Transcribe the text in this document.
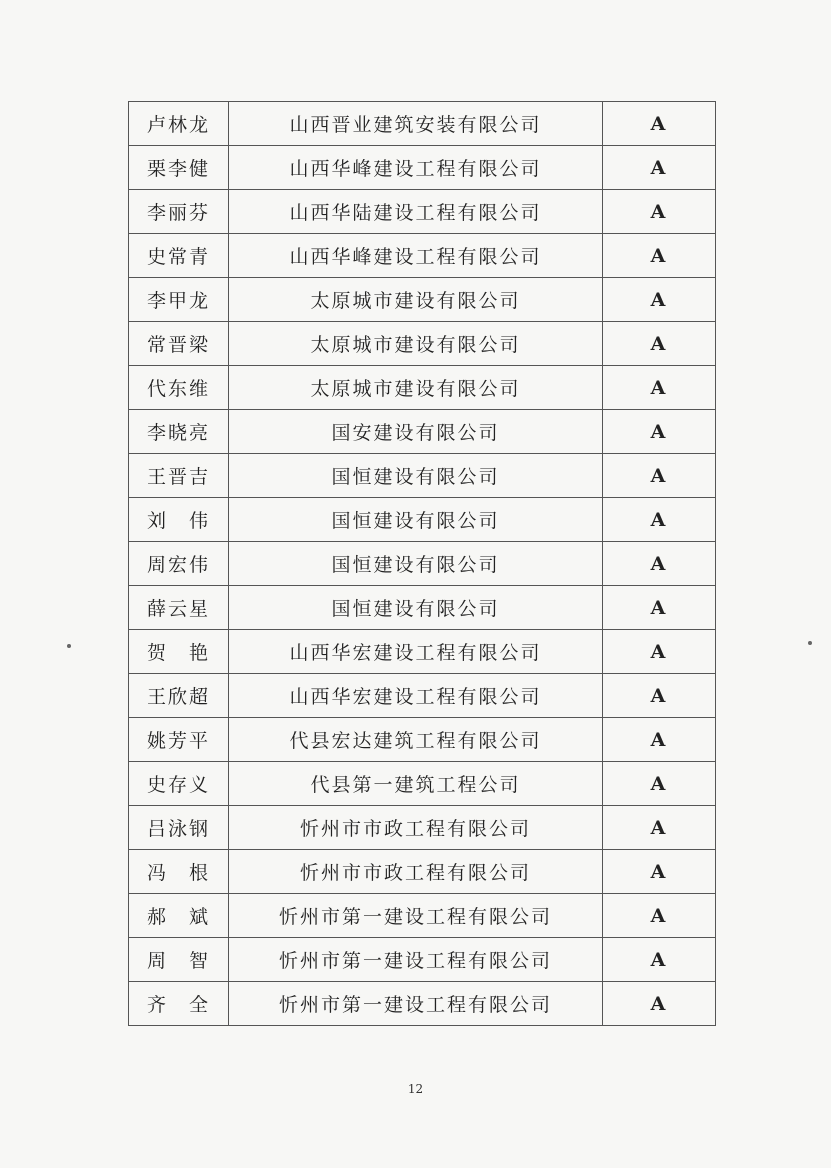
卢林龙	山西晋业建筑安装有限公司	A
栗李健	山西华峰建设工程有限公司	A
李丽芬	山西华陆建设工程有限公司	A
史常青	山西华峰建设工程有限公司	A
李甲龙	太原城市建设有限公司	A
常晋梁	太原城市建设有限公司	A
代东维	太原城市建设有限公司	A
李晓亮	国安建设有限公司	A
王晋吉	国恒建设有限公司	A
刘　伟	国恒建设有限公司	A
周宏伟	国恒建设有限公司	A
薛云星	国恒建设有限公司	A
贺　艳	山西华宏建设工程有限公司	A
王欣超	山西华宏建设工程有限公司	A
姚芳平	代县宏达建筑工程有限公司	A
史存义	代县第一建筑工程公司	A
吕泳钢	忻州市市政工程有限公司	A
冯　根	忻州市市政工程有限公司	A
郝　斌	忻州市第一建设工程有限公司	A
周　智	忻州市第一建设工程有限公司	A
齐　全	忻州市第一建设工程有限公司	A
12
